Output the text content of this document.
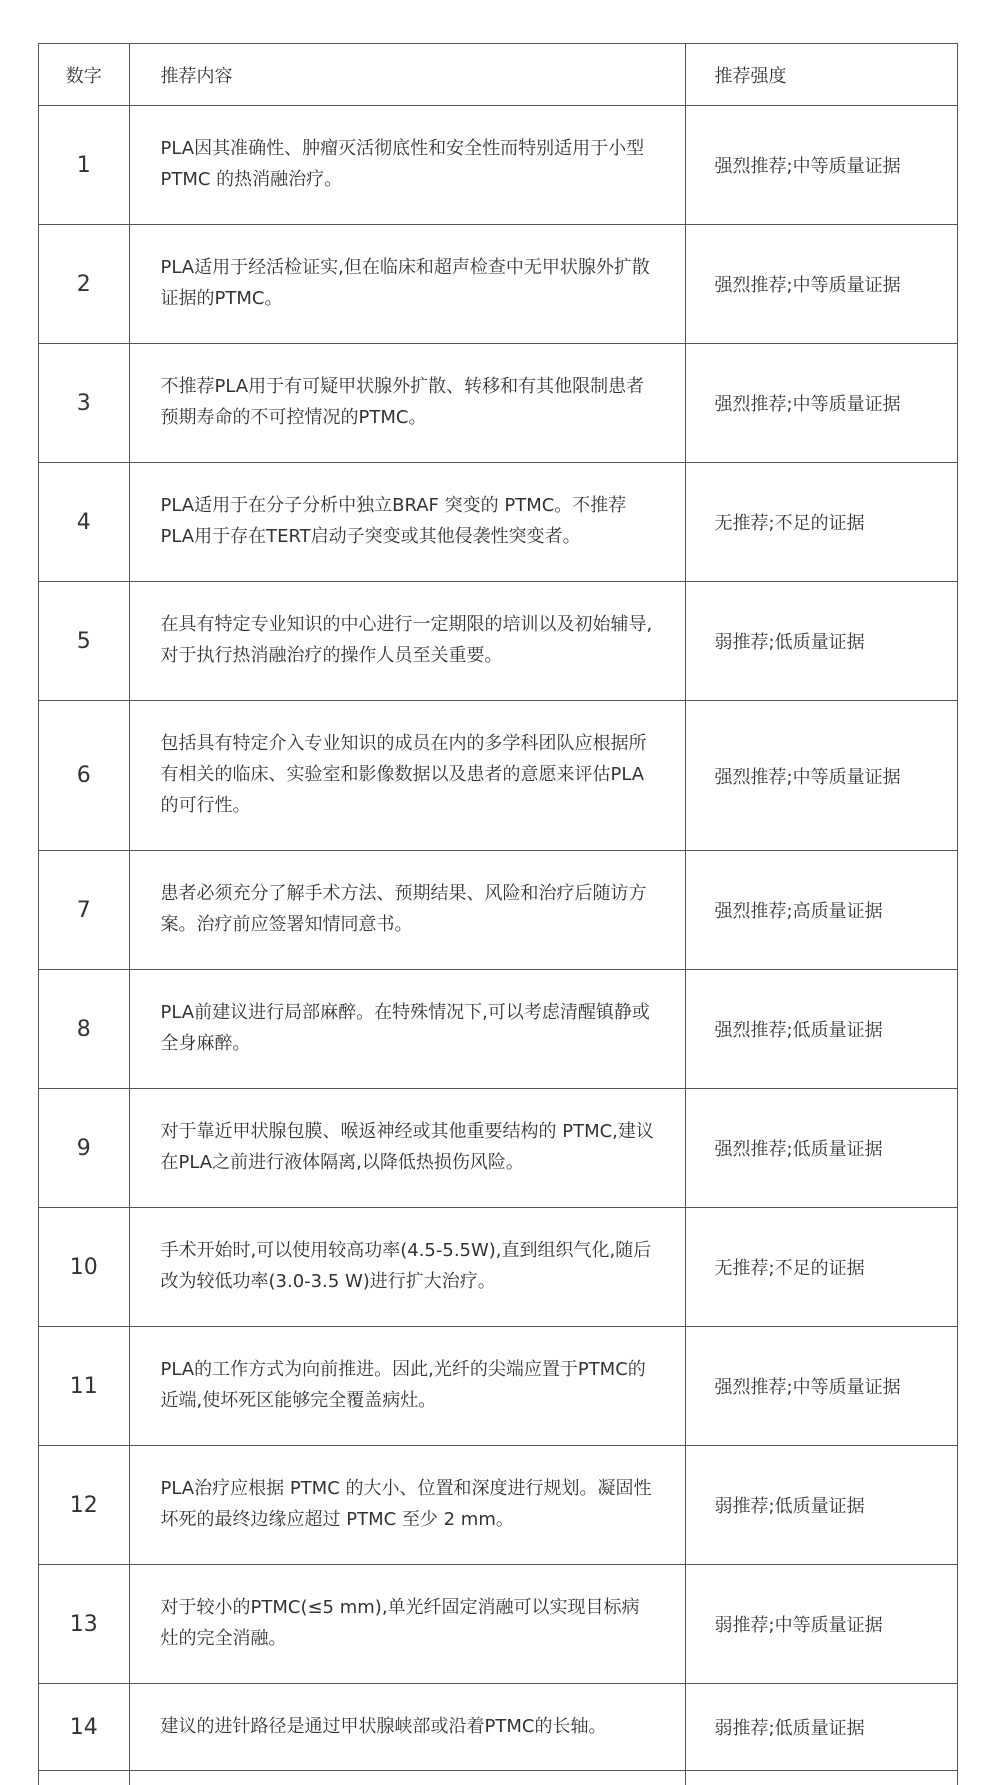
数字	推荐内容	推荐强度
1	PLA因其准确性、肿瘤灭活彻底性和安全性而特别适用于小型PTMC 的热消融治疗。	强烈推荐;中等质量证据
2	PLA适用于经活检证实,但在临床和超声检查中无甲状腺外扩散证据的PTMC。	强烈推荐;中等质量证据
3	不推荐PLA用于有可疑甲状腺外扩散、转移和有其他限制患者预期寿命的不可控情况的PTMC。	强烈推荐;中等质量证据
4	PLA适用于在分子分析中独立BRAF 突变的 PTMC。不推荐PLA用于存在TERT启动子突变或其他侵袭性突变者。	无推荐;不足的证据
5	在具有特定专业知识的中心进行一定期限的培训以及初始辅导,对于执行热消融治疗的操作人员至关重要。	弱推荐;低质量证据
6	包括具有特定介入专业知识的成员在内的多学科团队应根据所有相关的临床、实验室和影像数据以及患者的意愿来评估PLA的可行性。	强烈推荐;中等质量证据
7	患者必须充分了解手术方法、预期结果、风险和治疗后随访方案。治疗前应签署知情同意书。	强烈推荐;高质量证据
8	PLA前建议进行局部麻醉。在特殊情况下,可以考虑清醒镇静或全身麻醉。	强烈推荐;低质量证据
9	对于靠近甲状腺包膜、喉返神经或其他重要结构的 PTMC,建议在PLA之前进行液体隔离,以降低热损伤风险。	强烈推荐;低质量证据
10	手术开始时,可以使用较高功率(4.5-5.5W),直到组织气化,随后改为较低功率(3.0-3.5 W)进行扩大治疗。	无推荐;不足的证据
11	PLA的工作方式为向前推进。因此,光纤的尖端应置于PTMC的近端,使坏死区能够完全覆盖病灶。	强烈推荐;中等质量证据
12	PLA治疗应根据 PTMC 的大小、位置和深度进行规划。凝固性坏死的最终边缘应超过 PTMC 至少 2 mm。	弱推荐;低质量证据
13	对于较小的PTMC(≤5 mm),单光纤固定消融可以实现目标病灶的完全消融。	弱推荐;中等质量证据
14	建议的进针路径是通过甲状腺峡部或沿着PTMC的长轴。	弱推荐;低质量证据
